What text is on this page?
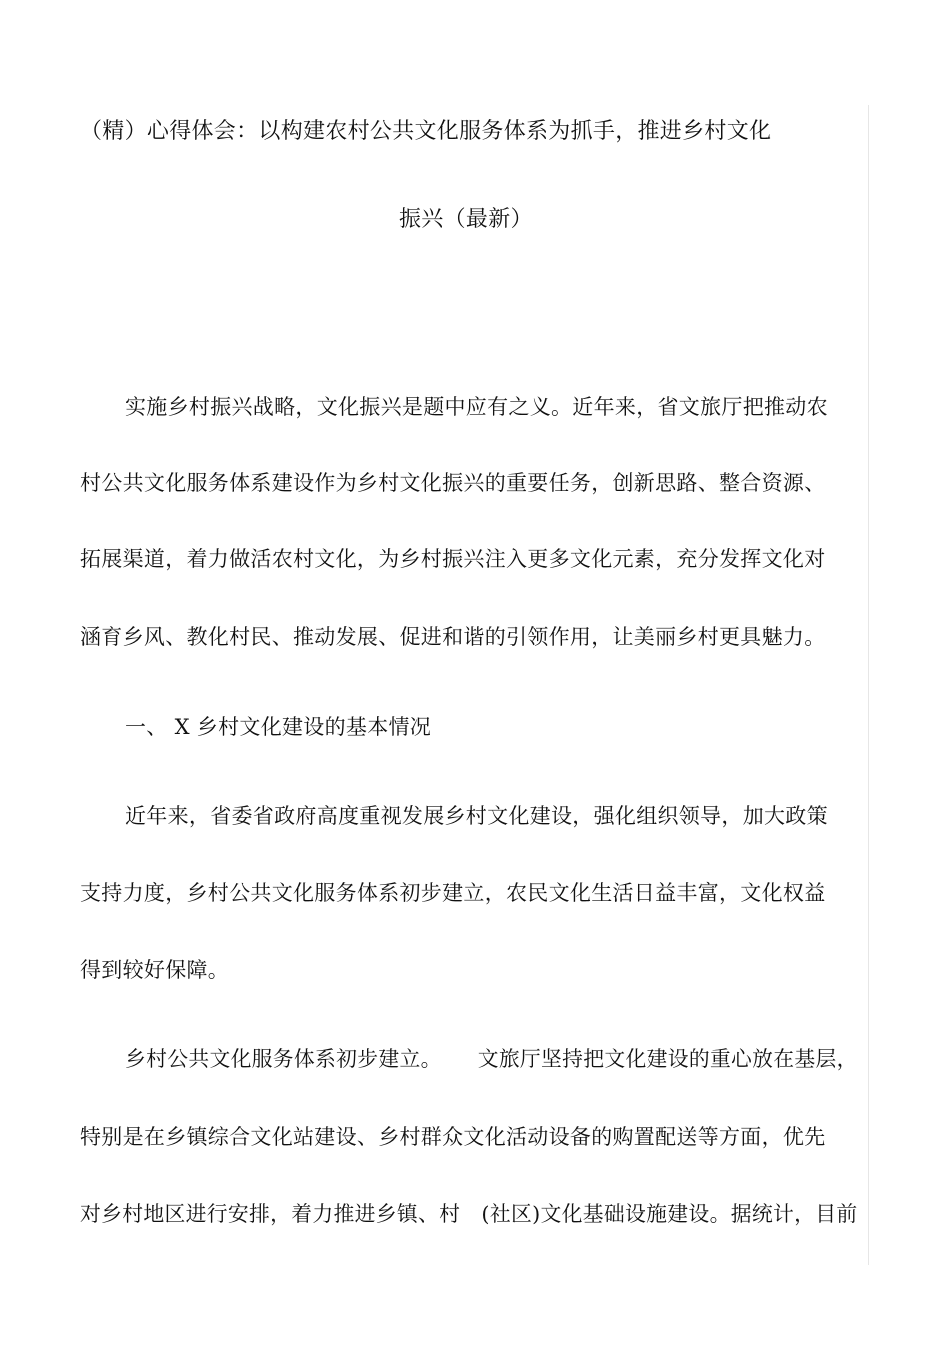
（精）心得体会：以构建农村公共文化服务体系为抓手，推进乡村文化
振兴（最新）
实施乡村振兴战略，文化振兴是题中应有之义。近年来，省文旅厅把推动农
村公共文化服务体系建设作为乡村文化振兴的重要任务，创新思路、整合资源、
拓展渠道，着力做活农村文化，为乡村振兴注入更多文化元素，充分发挥文化对
涵育乡风、教化村民、推动发展、促进和谐的引领作用，让美丽乡村更具魅力。
一、 X 乡村文化建设的基本情况
近年来，省委省政府高度重视发展乡村文化建设，强化组织领导，加大政策
支持力度，乡村公共文化服务体系初步建立，农民文化生活日益丰富，文化权益
得到较好保障。
乡村公共文化服务体系初步建立。 文旅厅坚持把文化建设的重心放在基层，
特别是在乡镇综合文化站建设、乡村群众文化活动设备的购置配送等方面，优先
对乡村地区进行安排，着力推进乡镇、村　(社区)文化基础设施建设。据统计，目前
